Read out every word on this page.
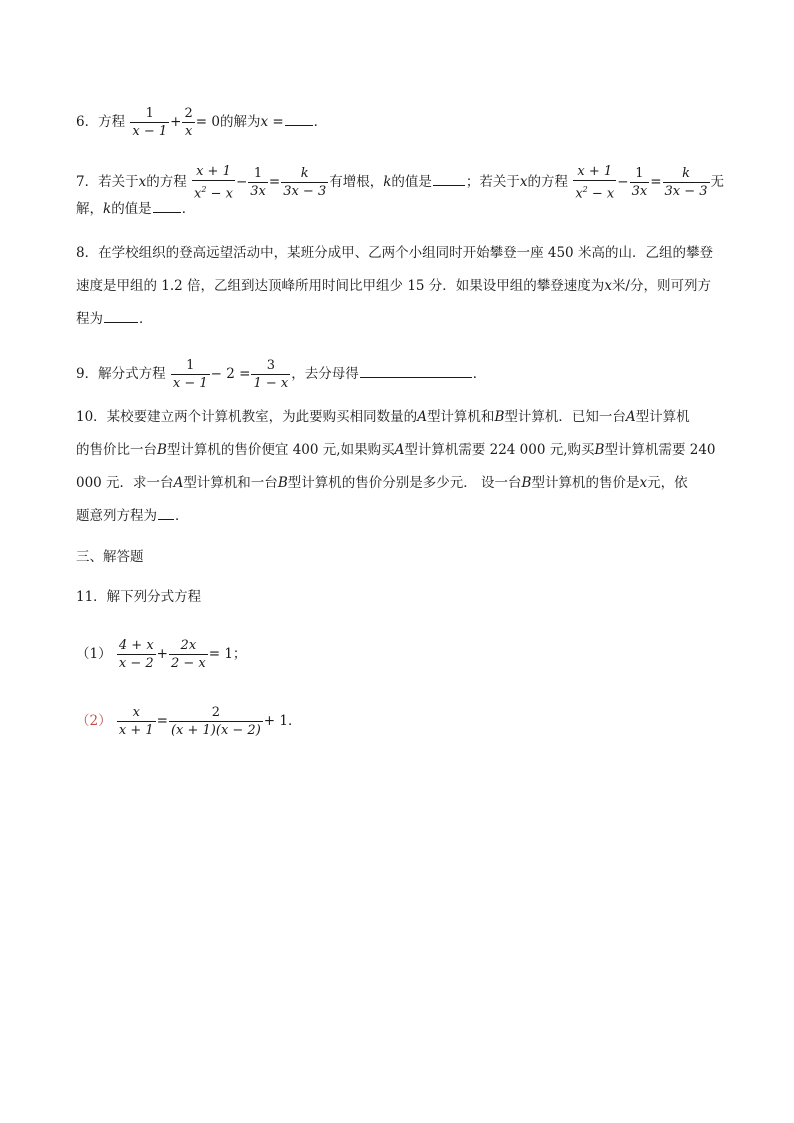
6．方程 $\frac{1}{x - 1} + \frac{2}{x} = 0$的解为x = ．
7．若关于x的方程 $\frac{x + 1}{x^2 - x} - \frac{1}{3x} = \frac{k}{3x - 3}$ 有增根，k的值是	；若关于x的方程 $\frac{x + 1}{x^2 - x} - \frac{1}{3x} = \frac{k}{3x - 3}$ 无
解，k的值是 ．
8．在学校组织的登高远望活动中，某班分成甲、乙两个小组同时开始攀登一座 450 米高的山．乙组的攀登
速度是甲组的 1.2 倍，乙组到达顶峰所用时间比甲组少 15 分．如果设甲组的攀登速度为x米/分，则可列方
程为	．
9．解分式方程 $\frac{1}{x - 1} - 2 = \frac{3}{1 - x}$ ，去分母得	．
10．某校要建立两个计算机教室，为此要购买相同数量的A型计算机和B型计算机．已知一台A型计算机
的售价比一台B型计算机的售价便宜 400 元,如果购买A型计算机需要 224 000 元,购买B型计算机需要 240
000 元．求一台A型计算机和一台B型计算机的售价分别是多少元． 设一台B型计算机的售价是x元，依
题意列方程为 ．
三、解答题
11．解下列分式方程
$(1) \frac{4 + x}{x - 2} + \frac{2x}{2 - x} = 1$；
$(2) \frac{x}{x + 1} = \frac{2}{(x + 1)(x - 2)} + 1$．
